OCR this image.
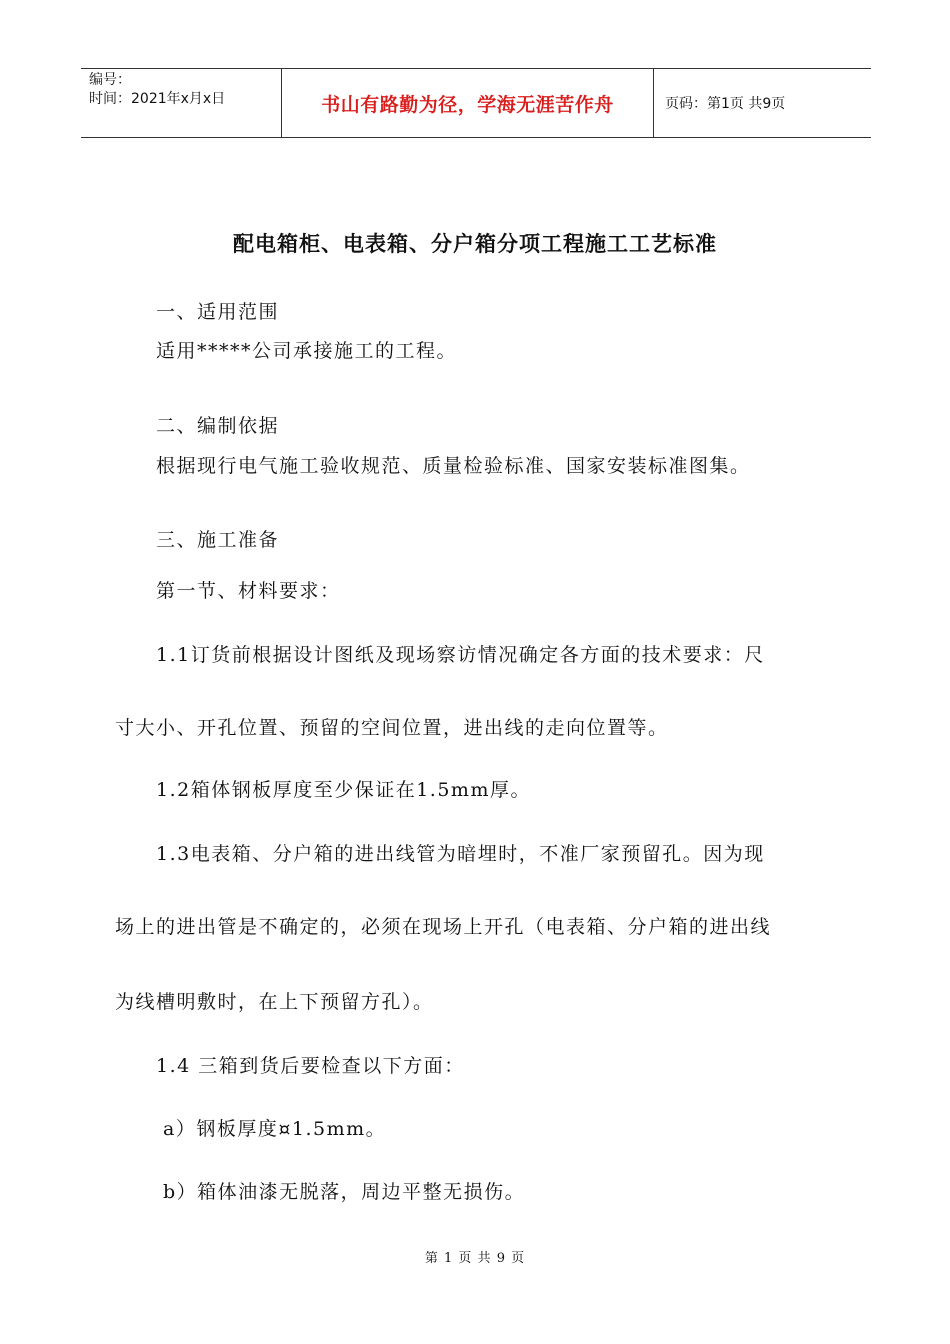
编号：
时间：2021年x月x日	书山有路勤为径，学海无涯苦作舟	页码：第1页 共9页
配电箱柜、电表箱、分户箱分项工程施工工艺标准
一、适用范围
适用*****公司承接施工的工程。
二、编制依据
根据现行电气施工验收规范、质量检验标准、国家安装标准图集。
三、施工准备
第一节、材料要求：
1.1订货前根据设计图纸及现场察访情况确定各方面的技术要求：尺
寸大小、开孔位置、预留的空间位置，进出线的走向位置等。
1.2箱体钢板厚度至少保证在1.5mm厚。
1.3电表箱、分户箱的进出线管为暗埋时，不准厂家预留孔。因为现
场上的进出管是不确定的，必须在现场上开孔（电表箱、分户箱的进出线
为线槽明敷时，在上下预留方孔）。
1.4 三箱到货后要检查以下方面：
a）钢板厚度¤1.5mm。
b）箱体油漆无脱落，周边平整无损伤。
第 1 页 共 9 页
